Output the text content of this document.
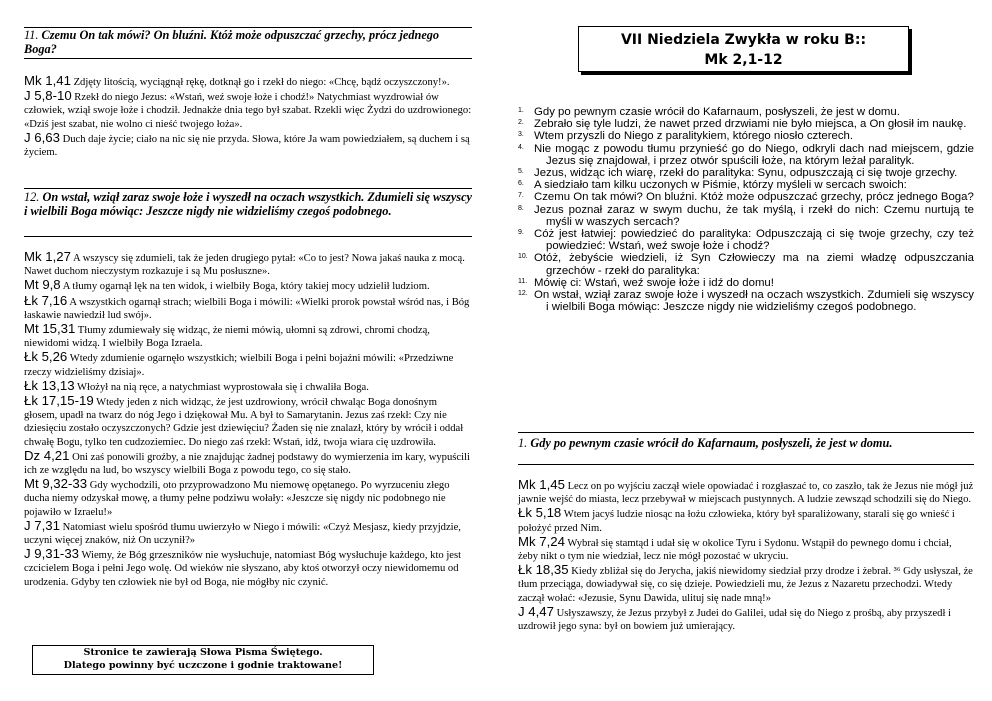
11. Czemu On tak mówi? On bluźni. Któż może odpuszczać grzechy, prócz jednego Boga?

Mk 1,41 Zdjęty litością, wyciągnął rękę, dotknął go i rzekł do niego: «Chcę, bądź oczyszczony!».

J 5,8-10 Rzekł do niego Jezus: «Wstań, weź swoje łoże i chodź!» Natychmiast wyzdrowiał ów człowiek, wziął swoje łoże i chodził. Jednakże dnia tego był szabat. Rzekli więc Żydzi do uzdrowionego: «Dziś jest szabat, nie wolno ci nieść twojego łoża».

J 6,63 Duch daje życie; ciało na nic się nie przyda. Słowa, które Ja wam powiedziałem, są duchem i są życiem.

12. On wstał, wziął zaraz swoje łoże i wyszedł na oczach wszystkich. Zdumieli się wszyscy i wielbili Boga mówiąc: Jeszcze nigdy nie widzieliśmy czegoś podobnego.

Mk 1,27 A wszyscy się zdumieli, tak że jeden drugiego pytał: «Co to jest? Nowa jakaś nauka z mocą. Nawet duchom nieczystym rozkazuje i są Mu posłuszne».

Mt 9,8 A tłumy ogarnął lęk na ten widok, i wielbiły Boga, który takiej mocy udzielił ludziom.

Łk 7,16 A wszystkich ogarnął strach; wielbili Boga i mówili: «Wielki prorok powstał wśród nas, i Bóg łaskawie nawiedził lud swój».

Mt 15,31 Tłumy zdumiewały się widząc, że niemi mówią, ułomni są zdrowi, chromi chodzą, niewidomi widzą. I wielbiły Boga Izraela.

Łk 5,26 Wtedy zdumienie ogarnęło wszystkich; wielbili Boga i pełni bojaźni mówili: «Przedziwne rzeczy widzieliśmy dzisiaj».

Łk 13,13 Włożył na nią ręce, a natychmiast wyprostowała się i chwaliła Boga.

Łk 17,15-19 Wtedy jeden z nich widząc, że jest uzdrowiony, wrócił chwaląc Boga donośnym głosem, upadł na twarz do nóg Jego i dziękował Mu. A był to Samarytanin. Jezus zaś rzekł: Czy nie dziesięciu zostało oczyszczonych? Gdzie jest dziewięciu? Żaden się nie znalazł, który by wrócił i oddał chwałę Bogu, tylko ten cudzoziemiec. Do niego zaś rzekł: Wstań, idź, twoja wiara cię uzdrowiła.

Dz 4,21 Oni zaś ponowili groźby, a nie znajdując żadnej podstawy do wymierzenia im kary, wypuścili ich ze względu na lud, bo wszyscy wielbili Boga z powodu tego, co się stało.

Mt 9,32-33 Gdy wychodzili, oto przyprowadzono Mu niemowę opętanego. Po wyrzuceniu złego ducha niemy odzyskał mowę, a tłumy pełne podziwu wołały: «Jeszcze się nigdy nic podobnego nie pojawiło w Izraelu!»

J 7,31 Natomiast wielu spośród tłumu uwierzyło w Niego i mówili: «Czyż Mesjasz, kiedy przyjdzie, uczyni więcej znaków, niż On uczynił?»

J 9,31-33 Wiemy, że Bóg grzeszników nie wysłuchuje, natomiast Bóg wysłuchuje każdego, kto jest czcicielem Boga i pełni Jego wolę. Od wieków nie słyszano, aby ktoś otworzył oczy niewidomemu od urodzenia. Gdyby ten człowiek nie był od Boga, nie mógłby nic czynić.

Stronice te zawierają Słowa Pisma Świętego.
Dlatego powinny być uczczone i godnie traktowane!
VII Niedziela Zwykła w roku B::
Mk 2,1-12
1. Gdy po pewnym czasie wrócił do Kafarnaum, posłyszeli, że jest w domu.
2. Zebrało się tyle ludzi, że nawet przed drzwiami nie było miejsca, a On głosił im naukę.
3. Wtem przyszli do Niego z paralitykiem, którego niosło czterech.
4. Nie mogąc z powodu tłumu przynieść go do Niego, odkryli dach nad miejscem, gdzie Jezus się znajdował, i przez otwór spuścili łoże, na którym leżał paralityk.
5. Jezus, widząc ich wiarę, rzekł do paralityka: Synu, odpuszczają ci się twoje grzechy.
6. A siedziało tam kilku uczonych w Piśmie, którzy myśleli w sercach swoich:
7. Czemu On tak mówi? On bluźni. Któż może odpuszczać grzechy, prócz jednego Boga?
8. Jezus poznał zaraz w swym duchu, że tak myślą, i rzekł do nich: Czemu nurtują te myśli w waszych sercach?
9. Cóż jest łatwiej: powiedzieć do paralityka: Odpuszczają ci się twoje grzechy, czy też powiedzieć: Wstań, weź swoje łoże i chodź?
10. Otóż, żebyście wiedzieli, iż Syn Człowieczy ma na ziemi władzę odpuszczania grzechów - rzekł do paralityka:
11. Mówię ci: Wstań, weź swoje łoże i idź do domu!
12. On wstał, wziął zaraz swoje łoże i wyszedł na oczach wszystkich. Zdumieli się wszyscy i wielbili Boga mówiąc: Jeszcze nigdy nie widzieliśmy czegoś podobnego.
1. Gdy po pewnym czasie wrócił do Kafarnaum, posłyszeli, że jest w domu.

Mk 1,45 Lecz on po wyjściu zaczął wiele opowiadać i rozgłaszać to, co zaszło, tak że Jezus nie mógł już jawnie wejść do miasta, lecz przebywał w miejscach pustynnych. A ludzie zewsząd schodzili się do Niego.

Łk 5,18 Wtem jacyś ludzie niosąc na łożu człowieka, który był sparaliżowany, starali się go wnieść i położyć przed Nim.

Mk 7,24 Wybrał się stamtąd i udał się w okolice Tyru i Sydonu. Wstąpił do pewnego domu i chciał, żeby nikt o tym nie wiedział, lecz nie mógł pozostać w ukryciu.

Łk 18,35 Kiedy zbliżał się do Jerycha, jakiś niewidomy siedział przy drodze i żebrał. ³⁶ Gdy usłyszał, że tłum przeciąga, dowiadywał się, co się dzieje. Powiedzieli mu, że Jezus z Nazaretu przechodzi. Wtedy zaczął wołać: «Jezusie, Synu Dawida, ulituj się nade mną!»

J 4,47 Usłyszawszy, że Jezus przybył z Judei do Galilei, udał się do Niego z prośbą, aby przyszedł i uzdrowił jego syna: był on bowiem już umierający.
